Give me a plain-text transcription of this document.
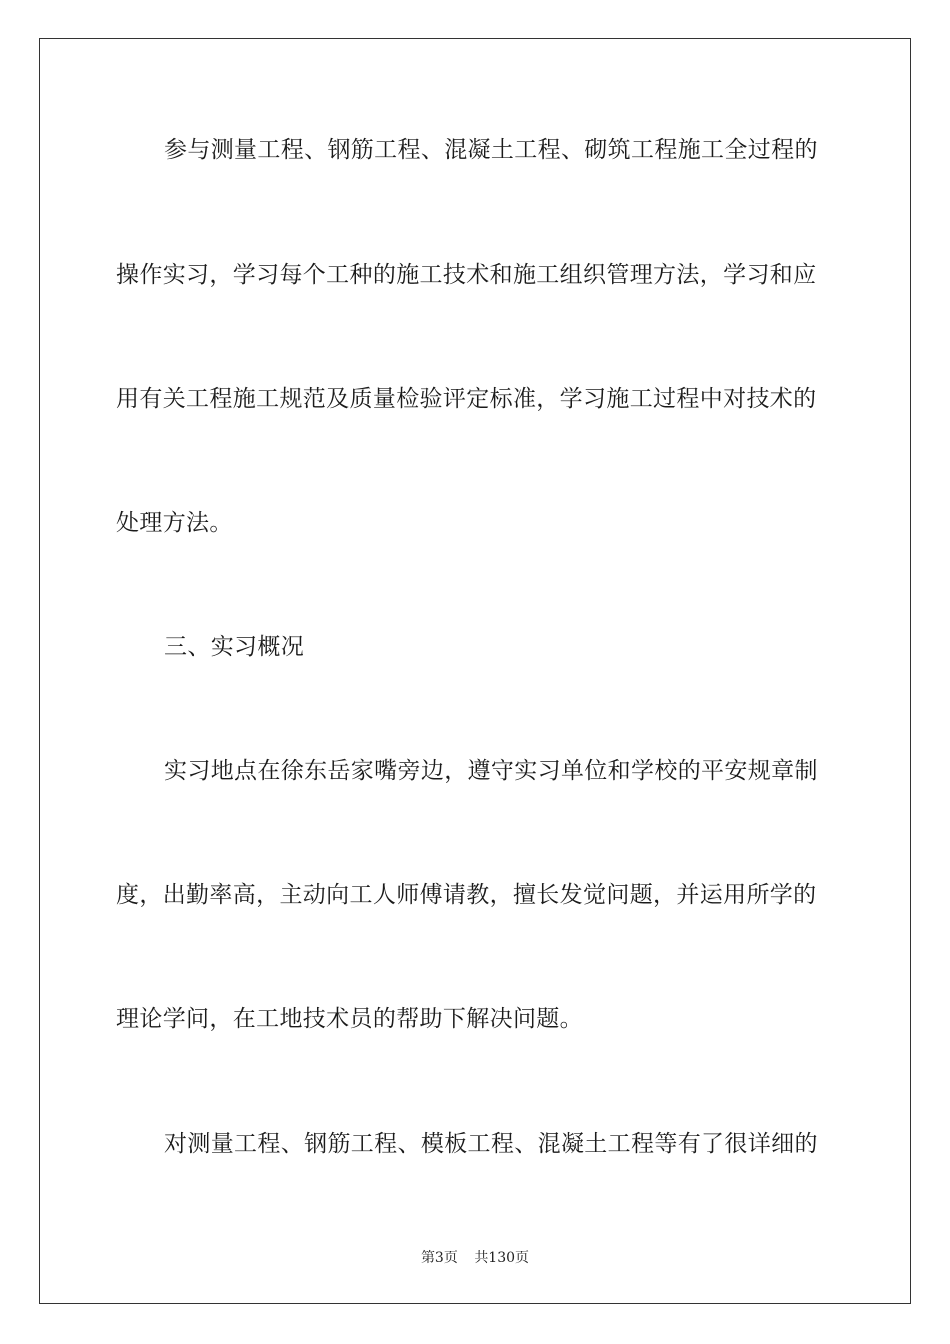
参与测量工程、钢筋工程、混凝土工程、砌筑工程施工全过程的
操作实习，学习每个工种的施工技术和施工组织管理方法，学习和应
用有关工程施工规范及质量检验评定标准，学习施工过程中对技术的
处理方法。
三、实习概况
实习地点在徐东岳家嘴旁边，遵守实习单位和学校的平安规章制
度，出勤率高，主动向工人师傅请教，擅长发觉问题，并运用所学的
理论学问，在工地技术员的帮助下解决问题。
对测量工程、钢筋工程、模板工程、混凝土工程等有了很详细的
第3页 共130页
